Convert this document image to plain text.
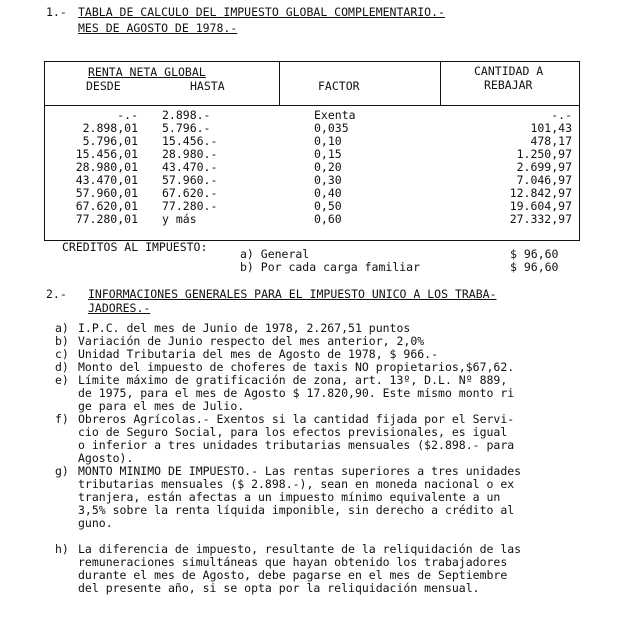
1.- TABLA DE CALCULO DEL IMPUESTO GLOBAL COMPLEMENTARIO.-
MES DE AGOSTO DE 1978.-
RENTA NETA GLOBAL
DESDE	HASTA	FACTOR
CANTIDAD A
REBAJAR
-.- 2.898.-	Exenta	-.-
2.898,01 5.796.-	0,035	101,43
5.796,01 15.456.-	0,10	478,17
15.456,01 28.980.-	0,15	1.250,97
28.980,01 43.470.-	0,20	2.699,97
43.470,01 57.960.-	0,30	7.046,97
57.960,01 67.620.-	0,40	12.842,97
67.620,01 77.280.-	0,50	19.604,97
77.280,01 y más	0,60	27.332,97
CREDITOS AL IMPUESTO:	a) General	$ 96,60
b) Por cada carga familiar	$ 96,60
2.- INFORMACIONES GENERALES PARA EL IMPUESTO UNICO A LOS TRABA-
JADORES.-
a) I.P.C. del mes de Junio de 1978, 2.267,51 puntos
b) Variación de Junio respecto del mes anterior, 2,0%
c) Unidad Tributaria del mes de Agosto de 1978, $ 966.-
d) Monto del impuesto de choferes de taxis NO propietarios,$67,62.
e) Límite máximo de gratificación de zona, art. 13º, D.L. Nº 889,
de 1975, para el mes de Agosto $ 17.820,90. Este mismo monto ri
ge para el mes de Julio.
f) Obreros Agrícolas.- Exentos si la cantidad fijada por el Servi-
cio de Seguro Social, para los efectos previsionales, es igual
o inferior a tres unidades tributarias mensuales ($2.898.- para
Agosto).
g) MONTO MINIMO DE IMPUESTO.- Las rentas superiores a tres unidades
tributarias mensuales ($ 2.898.-), sean en moneda nacional o ex
tranjera, están afectas a un impuesto mínimo equivalente a un
3,5% sobre la renta líquida imponible, sin derecho a crédito al
guno.
h) La diferencia de impuesto, resultante de la reliquidación de las
remuneraciones simultáneas que hayan obtenido los trabajadores
durante el mes de Agosto, debe pagarse en el mes de Septiembre
del presente año, si se opta por la reliquidación mensual.
